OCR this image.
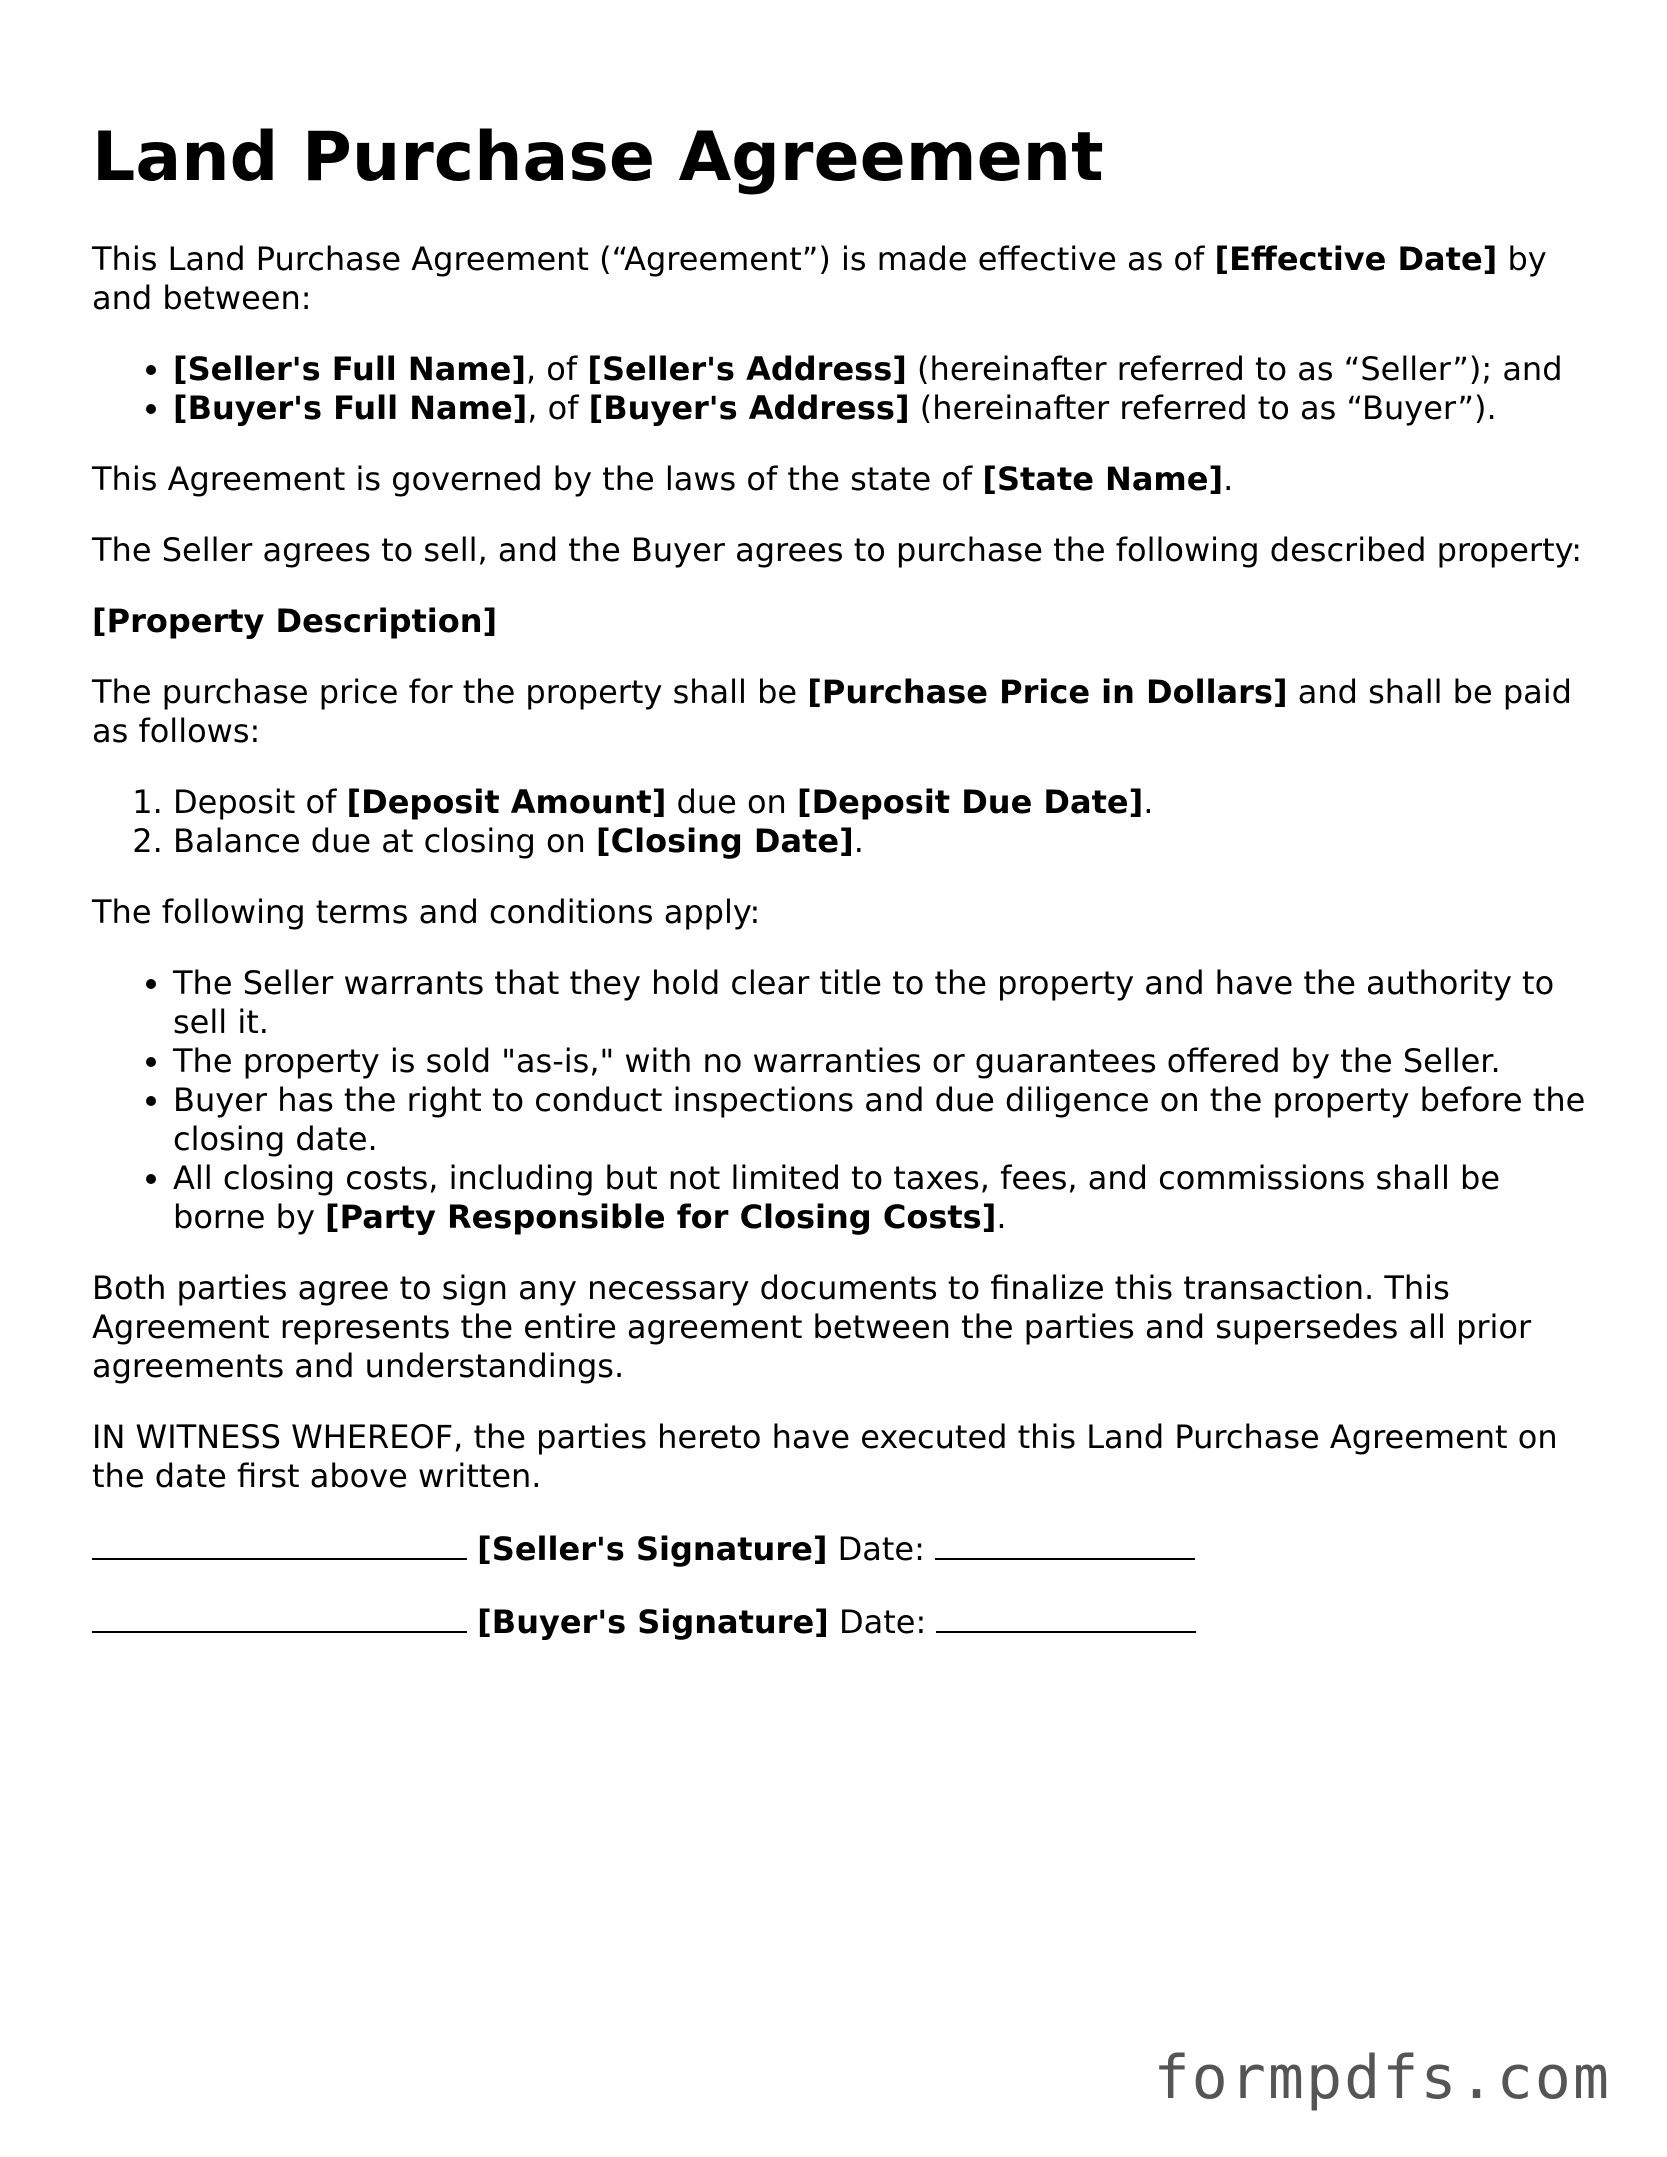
Land Purchase Agreement

This Land Purchase Agreement (“Agreement”) is made effective as of [Effective Date] by and between:

• [Seller's Full Name], of [Seller's Address] (hereinafter referred to as “Seller”); and
• [Buyer's Full Name], of [Buyer's Address] (hereinafter referred to as “Buyer”).

This Agreement is governed by the laws of the state of [State Name].

The Seller agrees to sell, and the Buyer agrees to purchase the following described property:

[Property Description]

The purchase price for the property shall be [Purchase Price in Dollars] and shall be paid as follows:

1. Deposit of [Deposit Amount] due on [Deposit Due Date].
2. Balance due at closing on [Closing Date].

The following terms and conditions apply:

• The Seller warrants that they hold clear title to the property and have the authority to sell it.
• The property is sold "as-is," with no warranties or guarantees offered by the Seller.
• Buyer has the right to conduct inspections and due diligence on the property before the closing date.
• All closing costs, including but not limited to taxes, fees, and commissions shall be borne by [Party Responsible for Closing Costs].

Both parties agree to sign any necessary documents to finalize this transaction. This Agreement represents the entire agreement between the parties and supersedes all prior agreements and understandings.

IN WITNESS WHEREOF, the parties hereto have executed this Land Purchase Agreement on the date first above written.

[Seller's Signature] Date:
[Buyer's Signature] Date:
formpdfs.com
